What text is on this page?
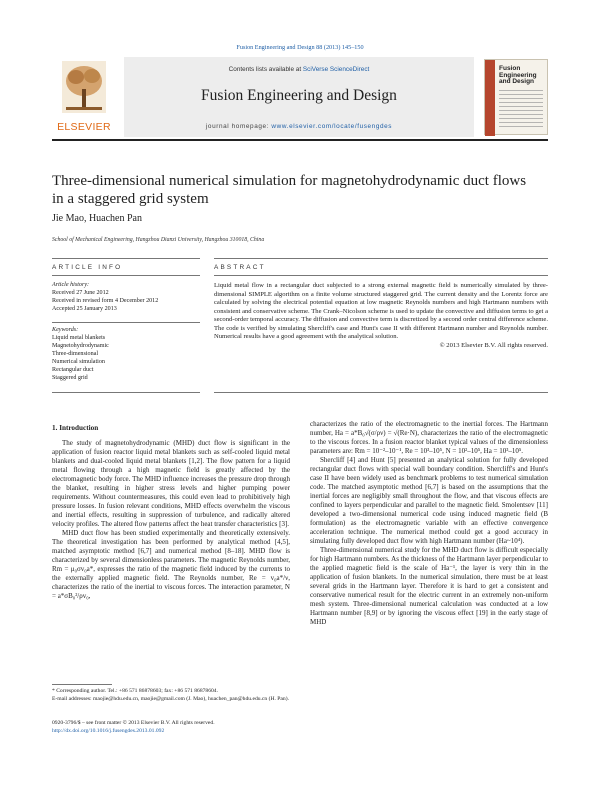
Fusion Engineering and Design 88 (2013) 145–150
ELSEVIER
Contents lists available at SciVerse ScienceDirect
Fusion Engineering and Design
journal homepage: www.elsevier.com/locate/fusengdes
Fusion Engineering and Design
Three-dimensional numerical simulation for magnetohydrodynamic duct flows in a staggered grid system
Jie Mao, Huachen Pan
School of Mechanical Engineering, Hangzhou Dianzi University, Hangzhou 310018, China
ARTICLE INFO	ABSTRACT
Article history:
Received 27 June 2012
Received in revised form 4 December 2012
Accepted 25 January 2013
Keywords:
Liquid metal blankets
Magnetohydrodynamic
Three-dimensional
Numerical simulation
Rectangular duct
Staggered grid
Liquid metal flow in a rectangular duct subjected to a strong external magnetic field is numerically simulated by three-dimensional SIMPLE algorithm on a finite volume structured staggered grid. The current density and the Lorentz force are calculated by solving the electrical potential equation at low magnetic Reynolds numbers and high Hartmann numbers with consistent and conservative scheme. The Crank–Nicolson scheme is used to update the convective and diffusion terms to get a second-order temporal accuracy. The diffusion and convective term is discretized by a second order central difference scheme. The code is verified by simulating Shercliff's case and Hunt's case II with different Hartmann number and Reynolds number. Numerical results have a good agreement with the analytical solution.
© 2013 Elsevier B.V. All rights reserved.
1. Introduction

The study of magnetohydrodynamic (MHD) duct flow is significant in the application of fusion reactor liquid metal blankets such as self-cooled liquid metal blankets and dual-cooled liquid metal blankets [1,2]. The flow pattern for a liquid metal flowing through a high magnetic field is greatly affected by the electromagnetic body force. The MHD influence increases the pressure drop through the blanket, resulting in higher stress levels and higher pumping power requirements. Without countermeasures, this could even lead to prohibitively high pressure losses. In fusion relevant conditions, MHD effects overwhelm the viscous and inertial effects, resulting in suppression of turbulence, and radically altered velocity profiles. The altered flow patterns affect the heat transfer characteristics [3].

MHD duct flow has been studied experimentally and theoretically extensively. The theoretical investigation has been performed by analytical method [4,5], matched asymptotic method [6,7] and numerical method [8–18]. MHD flow is characterized by several dimensionless parameters. The magnetic Reynolds number, Rm = μ₀σv₀a*, expresses the ratio of the magnetic field induced by the currents to the externally applied magnetic field. The Reynolds number, Re = v₀a*/ν, characterizes the ratio of the inertial to viscous forces. The interaction parameter, N = a*σB₀²/ρv₀,

characterizes the ratio of the electromagnetic to the inertial forces. The Hartmann number, Ha = a*B₀√(σ/ρν) = √(Re·N), characterizes the ratio of the electromagnetic to the viscous forces. In a fusion reactor blanket typical values of the dimensionless parameters are: Rm = 10⁻²–10⁻¹, Re = 10³–10⁵, N = 10²–10⁵, Ha = 10³–10⁵.

Shercliff [4] and Hunt [5] presented an analytical solution for fully developed rectangular duct flows with special wall boundary condition. Shercliff's and Hunt's case II have been widely used as benchmark problems to test numerical simulation code. The matched asymptotic method [6,7] is based on the assumptions that the inertial forces are negligibly small throughout the flow, and that viscous effects are confined to layers perpendicular and parallel to the magnetic field. Smolentsev [11] developed a two-dimensional numerical code using induced magnetic field (B formulation) as the electromagnetic variable with an effective convergence acceleration technique. The numerical method could get a good accuracy in simulating fully developed duct flow with high Hartmann number (Ha~10⁴).

Three-dimensional numerical study for the MHD duct flow is difficult especially for high Hartmann numbers. As the thickness of the Hartmann layer perpendicular to the applied magnetic field is the scale of Ha⁻¹, the layer is very thin in the application of fusion blankets. In the numerical simulation, there must be at least several grids in the Hartmann layer. Therefore it is hard to get a consistent and conservative numerical result for the electric current in an extremely non-uniform mesh system. Three-dimensional numerical calculation was conducted at a low Hartmann number [8,9] or by ignoring the viscous effect [19] in the early stage of MHD

* Corresponding author. Tel.: +86 571 86878603; fax: +86 571 86878604.
E-mail addresses: maojie@hdu.edu.cn, maojie@gmail.com (J. Mao), huachen_pan@hdu.edu.cn (H. Pan).
0920-3796/$ – see front matter © 2013 Elsevier B.V. All rights reserved.
http://dx.doi.org/10.1016/j.fusengdes.2013.01.092
